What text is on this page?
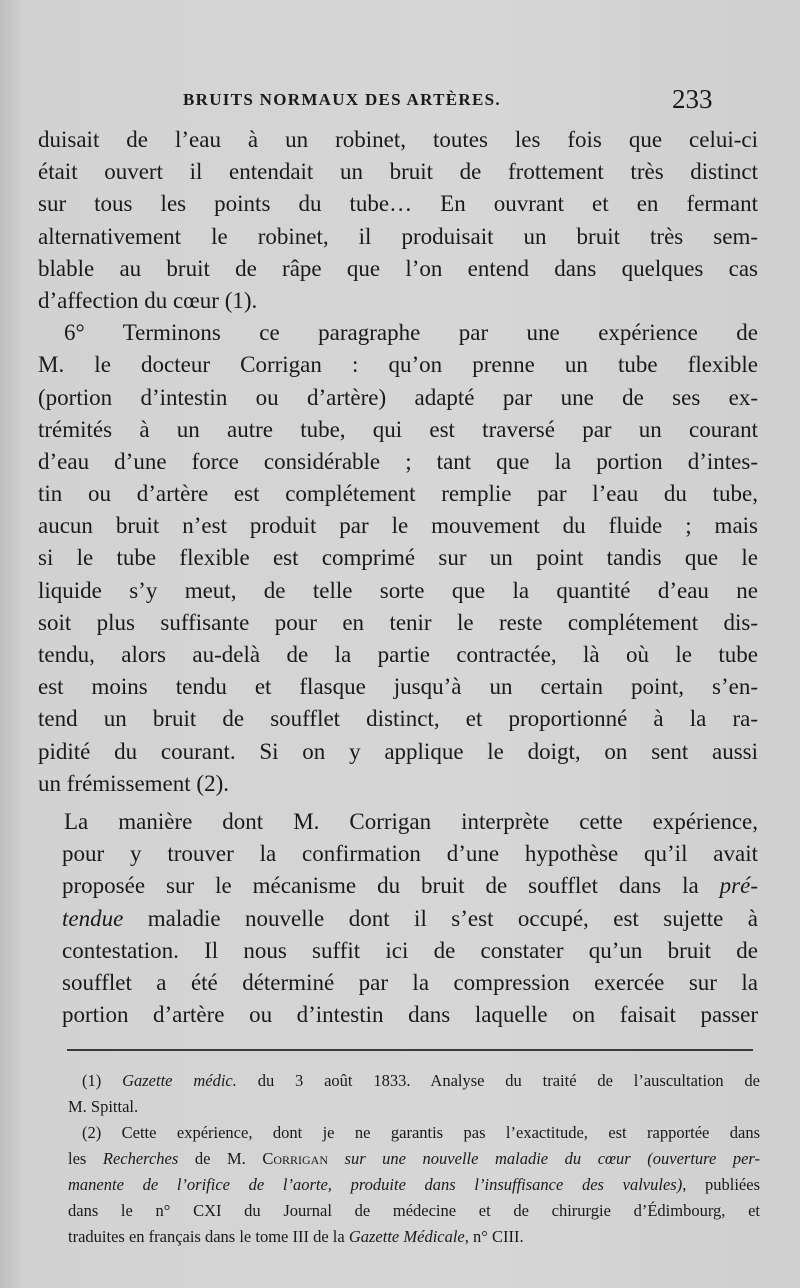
BRUITS NORMAUX DES ARTÈRES.	233
duisait de l’eau à un robinet, toutes les fois que celui-ci
était ouvert il entendait un bruit de frottement très distinct
sur tous les points du tube… En ouvrant et en fermant
alternativement le robinet, il produisait un bruit très sem-
blable au bruit de râpe que l’on entend dans quelques cas
d’affection du cœur (1).
6° Terminons ce paragraphe par une expérience de
M. le docteur Corrigan : qu’on prenne un tube flexible
(portion d’intestin ou d’artère) adapté par une de ses ex-
trémités à un autre tube, qui est traversé par un courant
d’eau d’une force considérable ; tant que la portion d’intes-
tin ou d’artère est complétement remplie par l’eau du tube,
aucun bruit n’est produit par le mouvement du fluide ; mais
si le tube flexible est comprimé sur un point tandis que le
liquide s’y meut, de telle sorte que la quantité d’eau ne
soit plus suffisante pour en tenir le reste complétement dis-
tendu, alors au-delà de la partie contractée, là où le tube
est moins tendu et flasque jusqu’à un certain point, s’en-
tend un bruit de soufflet distinct, et proportionné à la ra-
pidité du courant. Si on y applique le doigt, on sent aussi
un frémissement (2).
La manière dont M. Corrigan interprète cette expérience,
pour y trouver la confirmation d’une hypothèse qu’il avait
proposée sur le mécanisme du bruit de soufflet dans la pré-
tendue maladie nouvelle dont il s’est occupé, est sujette à
contestation. Il nous suffit ici de constater qu’un bruit de
soufflet a été déterminé par la compression exercée sur la
portion d’artère ou d’intestin dans laquelle on faisait passer
(1) Gazette médic. du 3 août 1833. Analyse du traité de l’auscultation de
M. Spittal.
(2) Cette expérience, dont je ne garantis pas l’exactitude, est rapportée dans
les Recherches de M. Corrigan sur une nouvelle maladie du cœur (ouverture per-
manente de l’orifice de l’aorte, produite dans l’insuffisance des valvules), publiées
dans le n° CXI du Journal de médecine et de chirurgie d’Édimbourg, et
traduites en français dans le tome III de la Gazette Médicale, n° CIII.
